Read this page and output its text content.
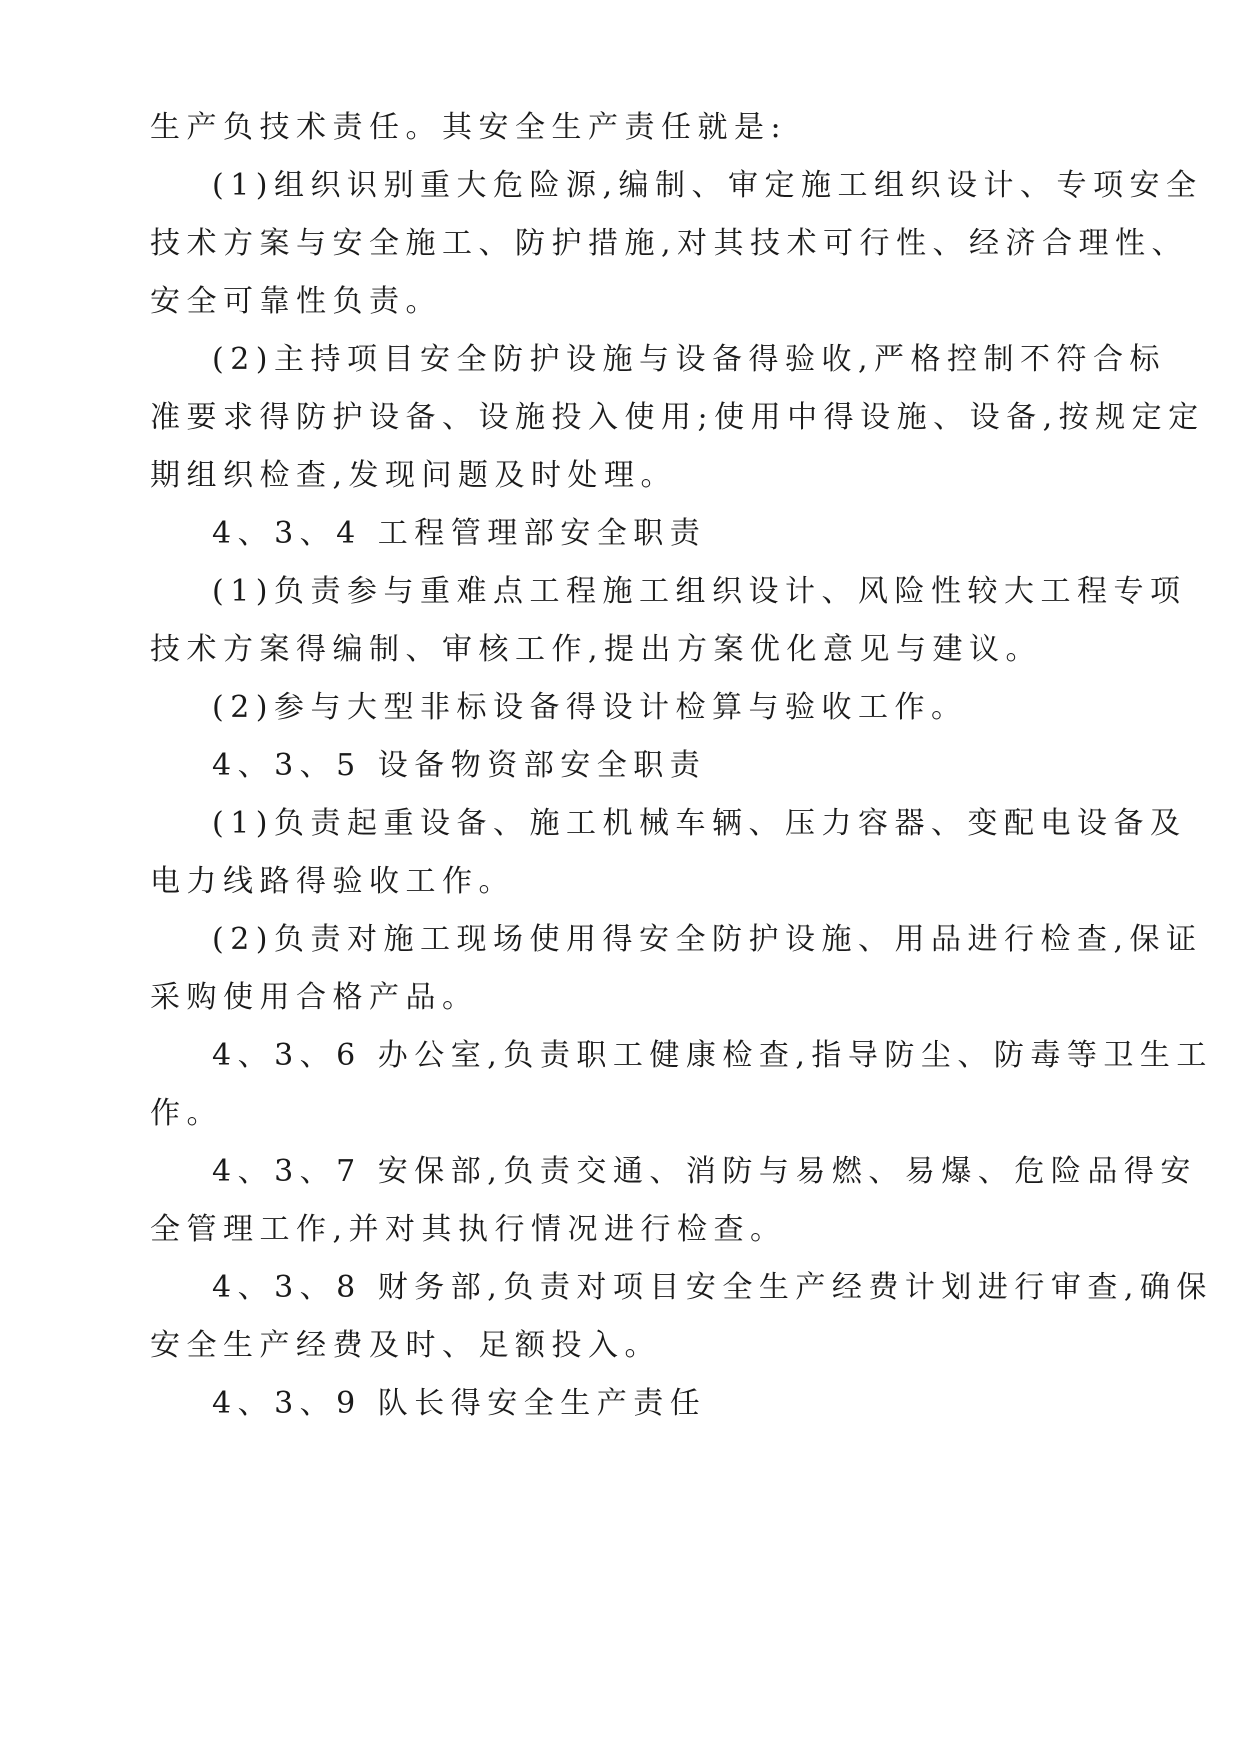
生产负技术责任。其安全生产责任就是:
(1)组织识别重大危险源,编制、审定施工组织设计、专项安全
技术方案与安全施工、防护措施,对其技术可行性、经济合理性、
安全可靠性负责。
(2)主持项目安全防护设施与设备得验收,严格控制不符合标
准要求得防护设备、设施投入使用;使用中得设施、设备,按规定定
期组织检查,发现问题及时处理。
4、3、4 工程管理部安全职责
(1)负责参与重难点工程施工组织设计、风险性较大工程专项
技术方案得编制、审核工作,提出方案优化意见与建议。
(2)参与大型非标设备得设计检算与验收工作。
4、3、5 设备物资部安全职责
(1)负责起重设备、施工机械车辆、压力容器、变配电设备及
电力线路得验收工作。
(2)负责对施工现场使用得安全防护设施、用品进行检查,保证
采购使用合格产品。
4、3、6 办公室,负责职工健康检查,指导防尘、防毒等卫生工
作。
4、3、7 安保部,负责交通、消防与易燃、易爆、危险品得安
全管理工作,并对其执行情况进行检查。
4、3、8 财务部,负责对项目安全生产经费计划进行审查,确保
安全生产经费及时、足额投入。
4、3、9 队长得安全生产责任
